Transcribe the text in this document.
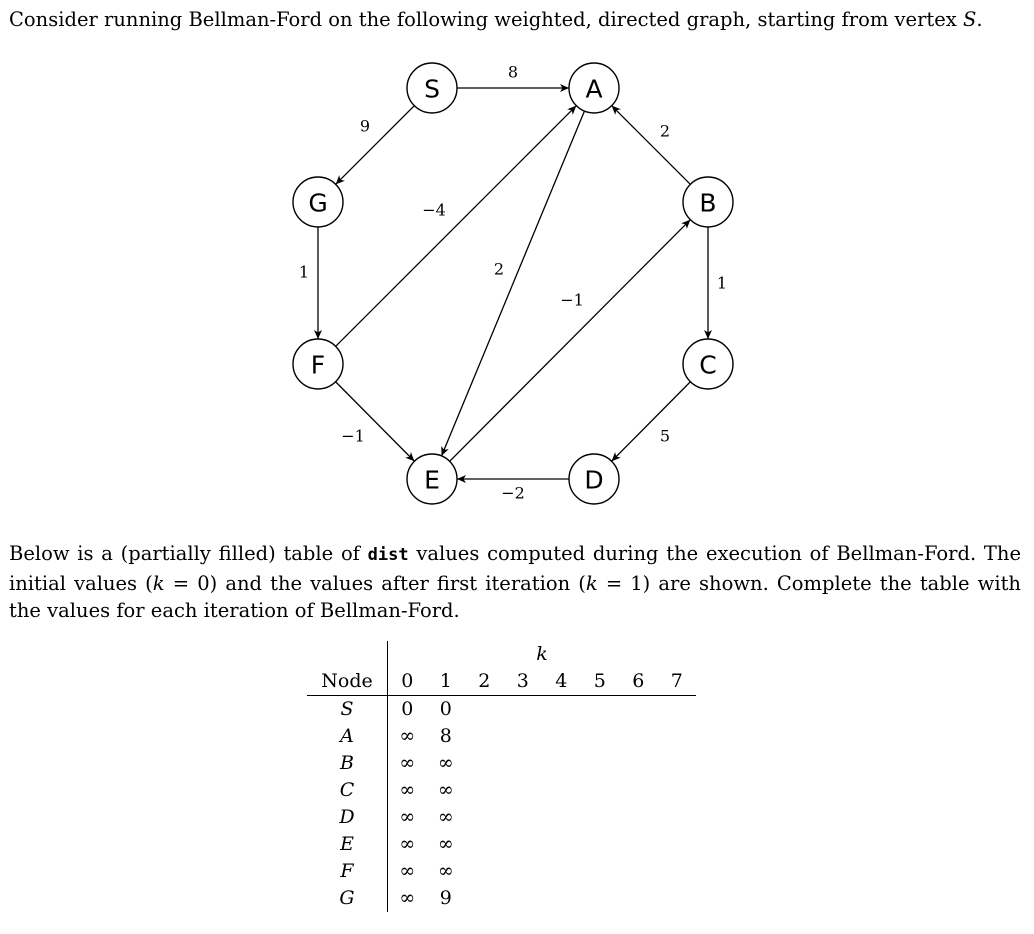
Consider running Bellman-Ford on the following weighted, directed graph, starting from vertex S.
8
9	2
1
−4
2
−1
1
−1	5
−2
S	A
B
C
D
E
F
G
Below is a (partially filled) table of dist values computed during the execution of Bellman-Ford. The initial values (k = 0) and the values after first iteration (k = 1) are shown. Complete the table with the values for each iteration of Bellman-Ford.
	k							
Node	0	1	2	3	4	5	6	7
S	0	0						
A	∞	8						
B	∞	∞						
C	∞	∞						
D	∞	∞						
E	∞	∞						
F	∞	∞						
G	∞	9						
